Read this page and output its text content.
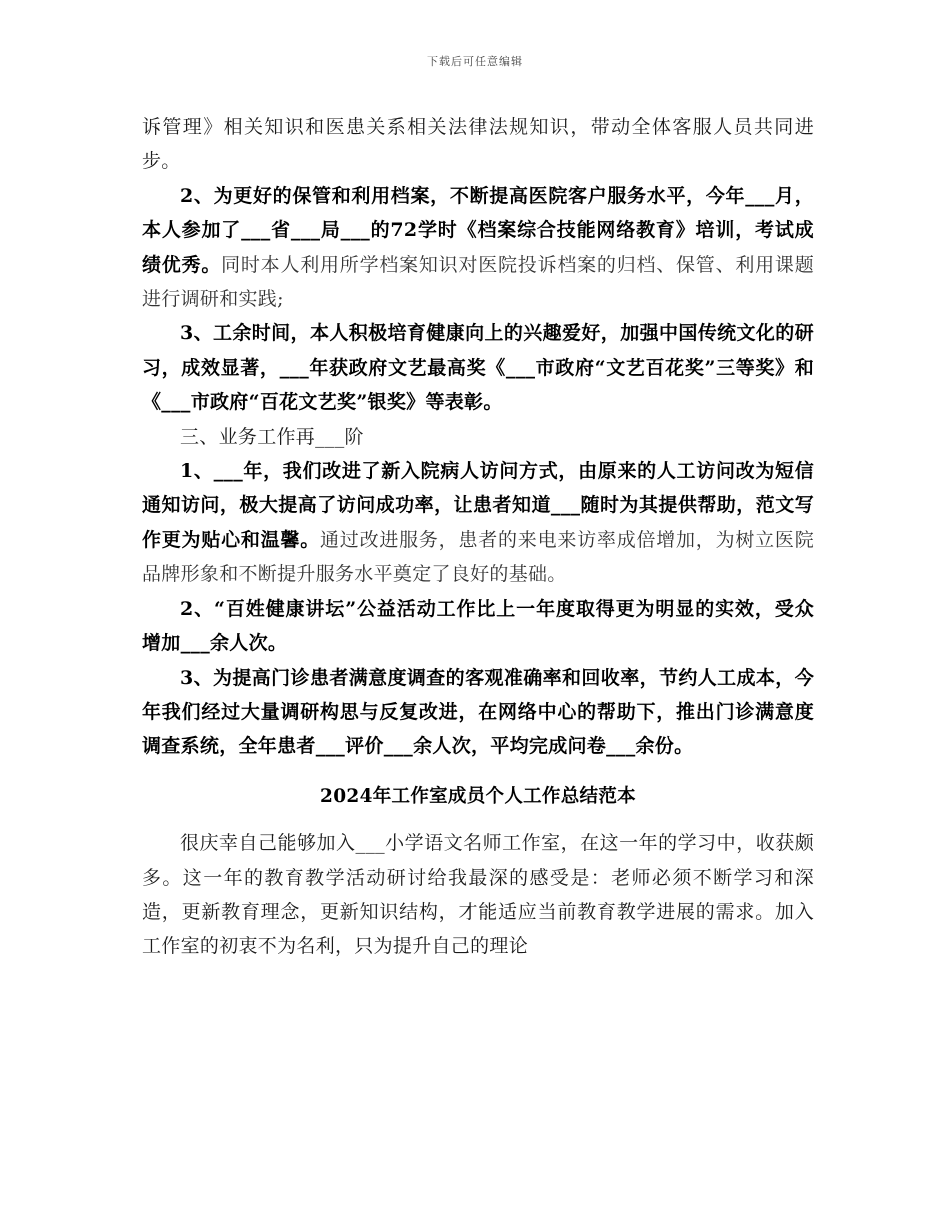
下载后可任意编辑

诉管理》相关知识和医患关系相关法律法规知识，带动全体客服人员共同进步。

2、为更好的保管和利用档案，不断提高医院客户服务水平，今年___月，本人参加了___省___局___的72学时《档案综合技能网络教育》培训，考试成绩优秀。同时本人利用所学档案知识对医院投诉档案的归档、保管、利用课题进行调研和实践;

3、工余时间，本人积极培育健康向上的兴趣爱好，加强中国传统文化的研习，成效显著，___年获政府文艺最高奖《___市政府“文艺百花奖”三等奖》和《___市政府“百花文艺奖”银奖》等表彰。

三、业务工作再___阶

1、___年，我们改进了新入院病人访问方式，由原来的人工访问改为短信通知访问，极大提高了访问成功率，让患者知道___随时为其提供帮助，范文写作更为贴心和温馨。通过改进服务，患者的来电来访率成倍增加，为树立医院品牌形象和不断提升服务水平奠定了良好的基础。

2、“百姓健康讲坛”公益活动工作比上一年度取得更为明显的实效，受众增加___余人次。

3、为提高门诊患者满意度调查的客观准确率和回收率，节约人工成本，今年我们经过大量调研构思与反复改进，在网络中心的帮助下，推出门诊满意度调查系统，全年患者___评价___余人次，平均完成问卷___余份。

2024年工作室成员个人工作总结范本

很庆幸自己能够加入___小学语文名师工作室，在这一年的学习中，收获颇多。这一年的教育教学活动研讨给我最深的感受是：老师必须不断学习和深造，更新教育理念，更新知识结构，才能适应当前教育教学进展的需求。加入工作室的初衷不为名利，只为提升自己的理论
